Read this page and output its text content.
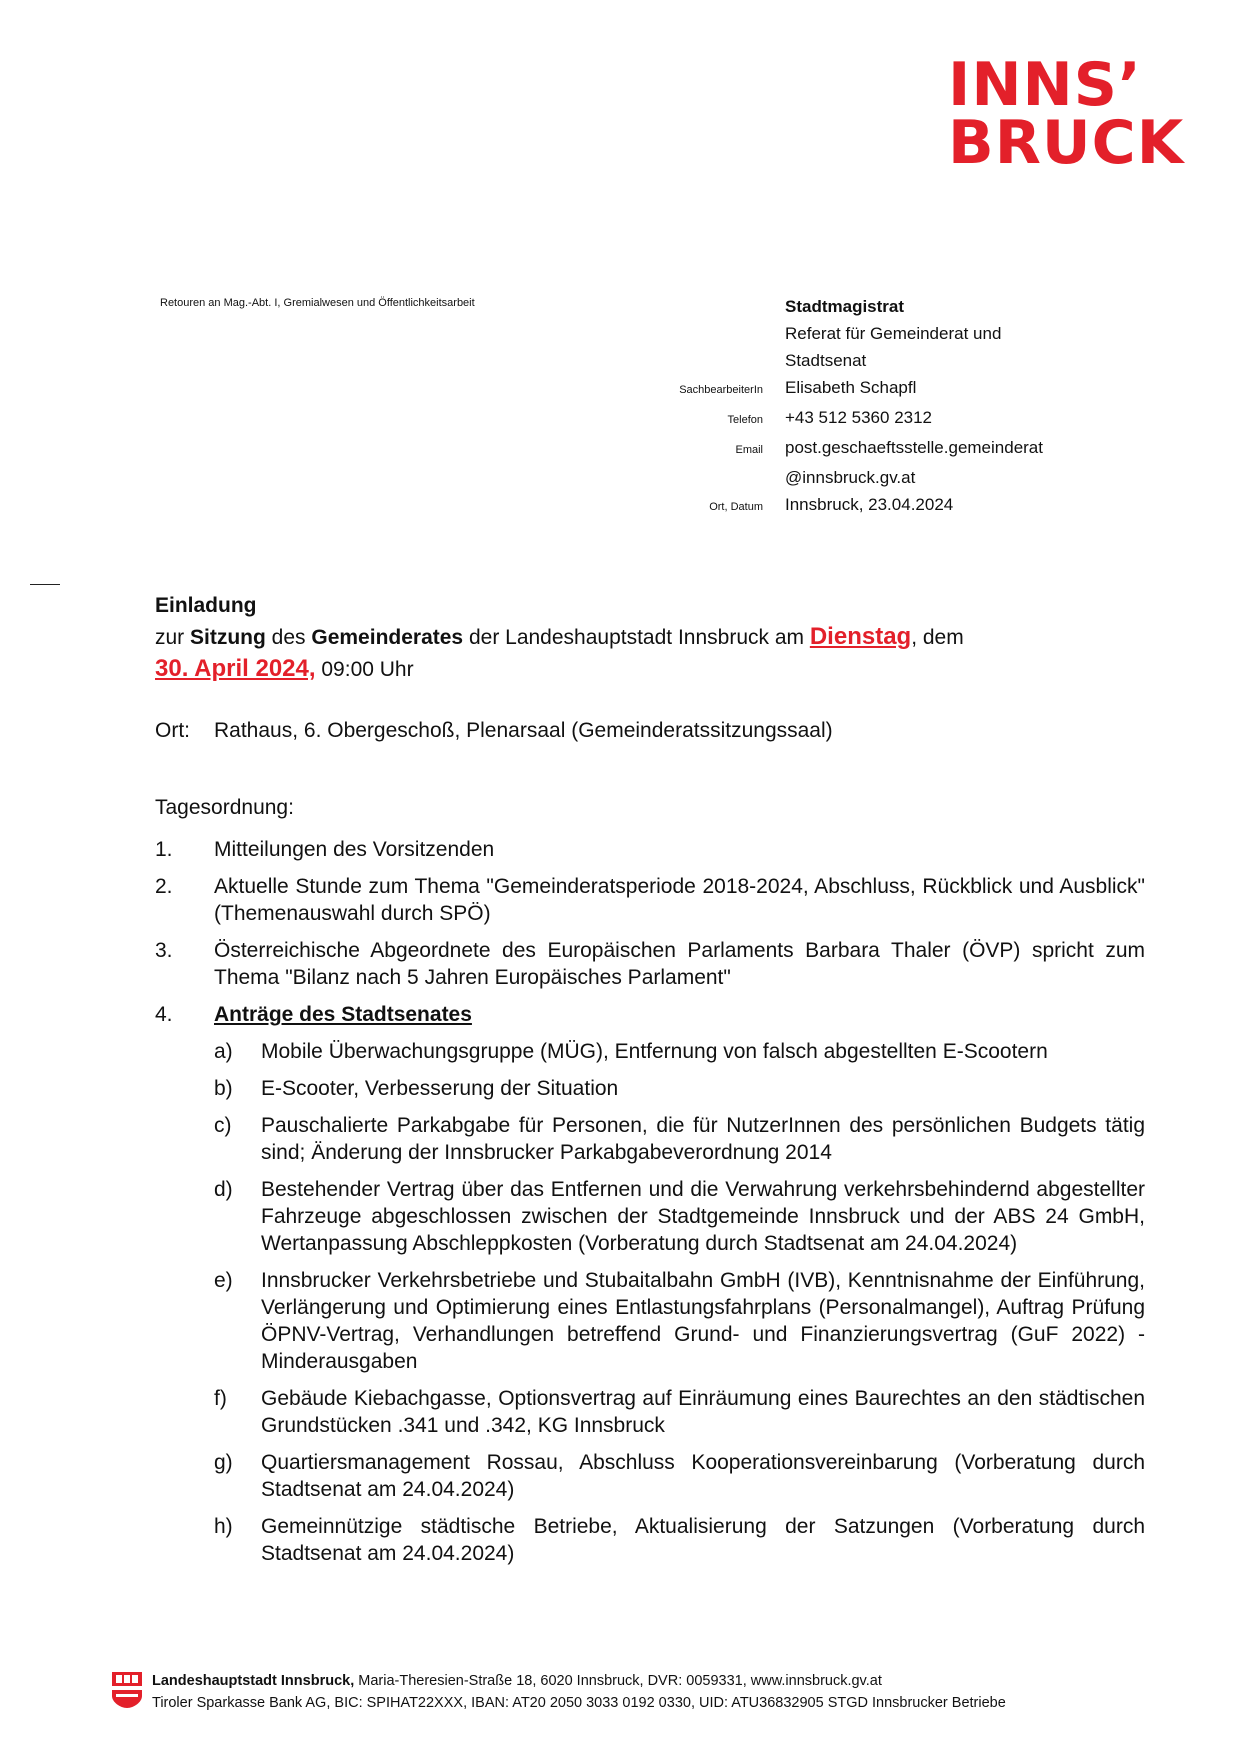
INNS’
BRUCK
Retouren an Mag.-Abt. I, Gremialwesen und Öffentlichkeitsarbeit	Stadtmagistrat
Referat für Gemeinderat und
Stadtsenat
SachbearbeiterIn	Elisabeth Schapfl
Telefon	+43 512 5360 2312
Email	post.geschaeftsstelle.gemeinderat
@innsbruck.gv.at
Ort, Datum	Innsbruck, 23.04.2024
Einladung
zur Sitzung des Gemeinderates der Landeshauptstadt Innsbruck am Dienstag, dem
30. April 2024, 09:00 Uhr
Ort:	Rathaus, 6. Obergeschoß, Plenarsaal (Gemeinderatssitzungssaal)
Tagesordnung:
1.	Mitteilungen des Vorsitzenden
2.	Aktuelle Stunde zum Thema "Gemeinderatsperiode 2018-2024, Abschluss, Rückblick und Ausblick" (Themenauswahl durch SPÖ)
3.	Österreichische Abgeordnete des Europäischen Parlaments Barbara Thaler (ÖVP) spricht zum Thema "Bilanz nach 5 Jahren Europäisches Parlament"
4.	Anträge des Stadtsenates
a)	Mobile Überwachungsgruppe (MÜG), Entfernung von falsch abgestellten E-Scootern
b)	E-Scooter, Verbesserung der Situation
c)	Pauschalierte Parkabgabe für Personen, die für NutzerInnen des persönlichen Budgets tätig sind; Änderung der Innsbrucker Parkabgabeverordnung 2014
d)	Bestehender Vertrag über das Entfernen und die Verwahrung verkehrsbehindernd abgestellter Fahrzeuge abgeschlossen zwischen der Stadtgemeinde Innsbruck und der ABS 24 GmbH, Wertanpassung Abschleppkosten (Vorberatung durch Stadtsenat am 24.04.2024)
e)	Innsbrucker Verkehrsbetriebe und Stubaitalbahn GmbH (IVB), Kenntnisnahme der Einführung, Verlängerung und Optimierung eines Entlastungsfahrplans (Personalmangel), Auftrag Prüfung ÖPNV-Vertrag, Verhandlungen betreffend Grund- und Finanzierungsvertrag (GuF 2022) - Minderausgaben
f)	Gebäude Kiebachgasse, Optionsvertrag auf Einräumung eines Baurechtes an den städtischen Grundstücken .341 und .342, KG Innsbruck
g)	Quartiersmanagement Rossau, Abschluss Kooperationsvereinbarung (Vorberatung durch Stadtsenat am 24.04.2024)
h)	Gemeinnützige städtische Betriebe, Aktualisierung der Satzungen (Vorberatung durch Stadtsenat am 24.04.2024)
Landeshauptstadt Innsbruck, Maria-Theresien-Straße 18, 6020 Innsbruck, DVR: 0059331, www.innsbruck.gv.at
Tiroler Sparkasse Bank AG, BIC: SPIHAT22XXX, IBAN: AT20 2050 3033 0192 0330, UID: ATU36832905 STGD Innsbrucker Betriebe
